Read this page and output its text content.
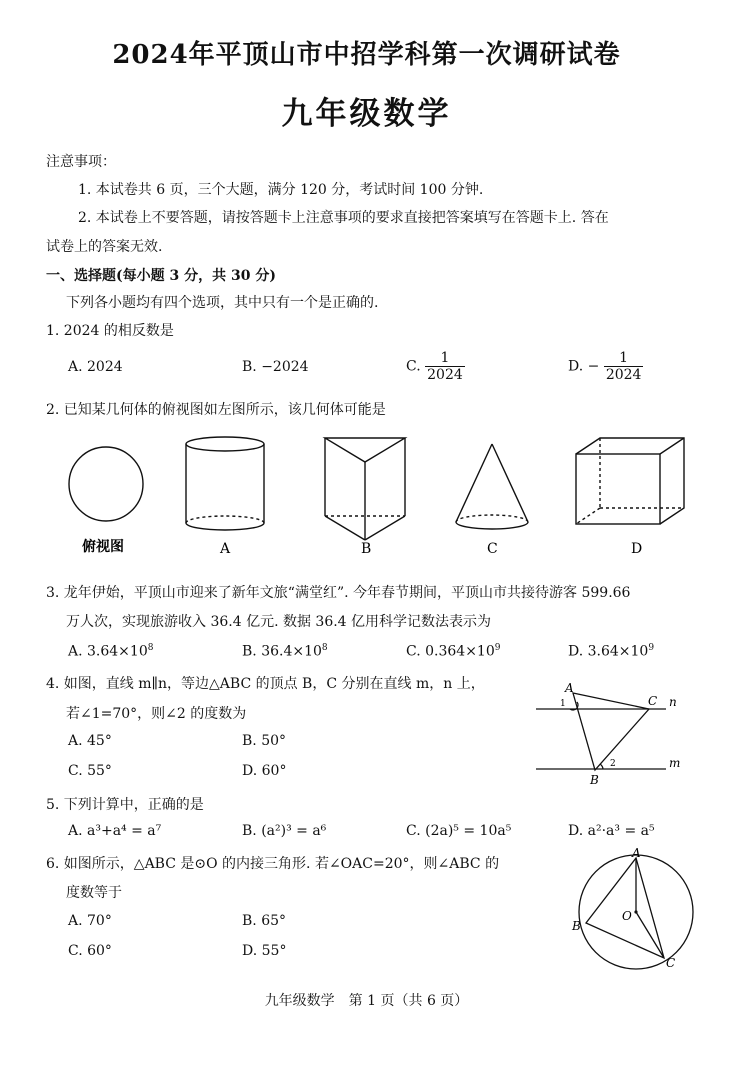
2024年平顶山市中招学科第一次调研试卷
九年级数学
注意事项：
1. 本试卷共 6 页，三个大题，满分 120 分，考试时间 100 分钟.
2. 本试卷上不要答题，请按答题卡上注意事项的要求直接把答案填写在答题卡上. 答在
试卷上的答案无效.
一、选择题(每小题 3 分，共 30 分)
下列各小题均有四个选项，其中只有一个是正确的.
1. 2024 的相反数是
A. 2024	B. −2024	C. $\frac{1}{2024}$	D. − $\frac{1}{2024}$
2. 已知某几何体的俯视图如左图所示，该几何体可能是
俯视图	A	B	C	D
3. 龙年伊始，平顶山市迎来了新年文旅“满堂红”. 今年春节期间，平顶山市共接待游客 599.66
万人次，实现旅游收入 36.4 亿元. 数据 36.4 亿用科学记数法表示为
A. $3.64\times 10^8$	B. $36.4\times 10^8$	C. $0.364\times 10^9$	D. $3.64\times 10^9$
4. 如图，直线 m∥n，等边△ABC 的顶点 B，C 分别在直线 m，n 上，
若∠1=70°，则∠2 的度数为
A. 45°	B. 50°
C. 55°	D. 60°
A
C n
m
B
1
2
5. 下列计算中，正确的是
A. a³+a⁴ = a⁷	B. (a²)³ = a⁶	C. (2a)⁵ = 10a⁵	D. a²·a³ = a⁵
6. 如图所示，△ABC 是⊙O 的内接三角形. 若∠OAC=20°，则∠ABC 的
度数等于
A. 70°	B. 65°
C. 60°	D. 55°
A
B
C
O
九年级数学　第 1 页（共 6 页）
